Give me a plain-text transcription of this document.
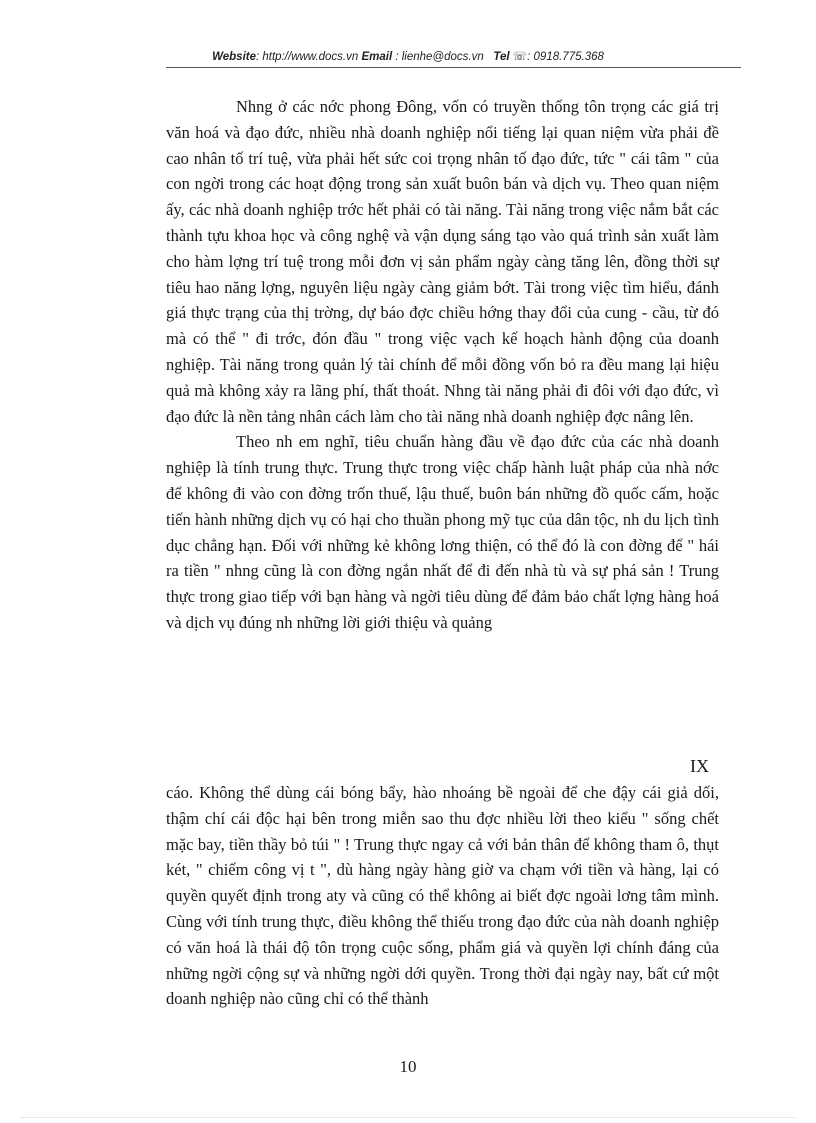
Website: http://www.docs.vn Email : lienhe@docs.vn Tel ☏: 0918.775.368

Nhng ở các nớc phong Đông, vốn có truyền thống tôn trọng các giá trị văn hoá và đạo đức, nhiều nhà doanh nghiệp nổi tiếng lại quan niệm vừa phải đề cao nhân tố trí tuệ, vừa phải hết sức coi trọng nhân tố đạo đức, tức " cái tâm " của con ngời trong các hoạt động trong sản xuất buôn bán và dịch vụ. Theo quan niệm ấy, các nhà doanh nghiệp trớc hết phải có tài năng. Tài năng trong việc nắm bắt các thành tựu khoa học và công nghệ và vận dụng sáng tạo vào quá trình sản xuất làm cho hàm lợng trí tuệ trong mỗi đơn vị sản phẩm ngày càng tăng lên, đồng thời sự tiêu hao năng lợng, nguyên liệu ngày càng giảm bớt. Tài trong việc tìm hiểu, đánh giá thực trạng của thị trờng, dự báo đợc chiều hớng thay đổi của cung - cầu, từ đó mà có thể " đi trớc, đón đầu " trong việc vạch kế hoạch hành động của doanh nghiệp. Tài năng trong quản lý tài chính để mỗi đồng vốn bỏ ra đều mang lại hiệu quả mà không xảy ra lãng phí, thất thoát. Nhng tài năng phải đi đôi với đạo đức, vì đạo đức là nền tảng nhân cách làm cho tài năng nhà doanh nghiệp đợc nâng lên.

Theo nh em nghĩ, tiêu chuẩn hàng đầu về đạo đức của các nhà doanh nghiệp là tính trung thực. Trung thực trong việc chấp hành luật pháp của nhà nớc để không đi vào con đờng trốn thuế, lậu thuế, buôn bán những đồ quốc cấm, hoặc tiến hành những dịch vụ có hại cho thuần phong mỹ tục của dân tộc, nh du lịch tình dục chẳng hạn. Đối với những kẻ không lơng thiện, có thể đó là con đờng để " hái ra tiền " nhng cũng là con đờng ngắn nhất để đi đến nhà tù và sự phá sản ! Trung thực trong giao tiếp với bạn hàng và ngời tiêu dùng để đảm bảo chất lợng hàng hoá và dịch vụ đúng nh những lời giới thiệu và quảng

IX

cáo. Không thể dùng cái bóng bẩy, hào nhoáng bề ngoài để che đậy cái giả dối, thậm chí cái độc hại bên trong miễn sao thu đợc nhiều lời theo kiểu " sống chết mặc bay, tiền thầy bỏ túi " ! Trung thực ngay cả với bản thân để không tham ô, thụt két, " chiếm công vị t ", dù hàng ngày hàng giờ va chạm với tiền và hàng, lại có quyền quyết định trong aty và cũng có thể không ai biết đợc ngoài lơng tâm mình. Cùng với tính trung thực, điều không thể thiếu trong đạo đức của nàh doanh nghiệp có văn hoá là thái độ tôn trọng cuộc sống, phẩm giá và quyền lợi chính đáng của những ngời cộng sự và những ngời dới quyền. Trong thời đại ngày nay, bất cứ một doanh nghiệp nào cũng chỉ có thể thành

10
